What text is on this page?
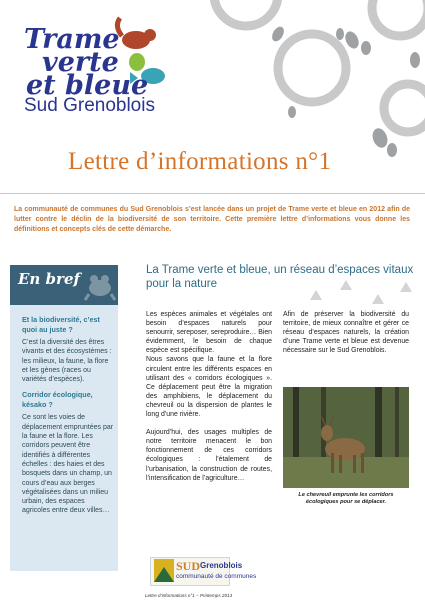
Trame
verte
et bleue
Sud Grenoblois
Lettre d’informations n°1
La communauté de communes du Sud Grenoblois s’est lancée dans un projet de Trame verte et bleue en 2012 afin de lutter contre le déclin de la biodiversité de son territoire. Cette première lettre d’informations vous donne les définitions et concepts clés de cette démarche.
En bref
Et la biodiversité, c’est quoi au juste ?
C’est la diversité des êtres vivants et des écosystèmes : les milieux, la faune, la flore et les gènes (races ou variétés d’espèces).
Corridor écologique, késako ?
Ce sont les voies de déplacement empruntées par la faune et la flore. Les corridors peuvent être identifiés à différentes échelles : des haies et des bosquets dans un champ, un cours d’eau aux berges végétalisées dans un milieu urbain, des espaces agricoles entre deux villes…
La Trame verte et bleue, un réseau d’espaces vitaux pour la nature

Les espèces animales et végétales ont besoin d’espaces naturels pour senourrir, sereposer, sereproduire… Bien évidemment, le besoin de chaque espèce est spécifique.

Nous savons que la faune et la flore circulent entre les différents espaces en utilisant des « corridors écologiques ». Ce déplacement peut être la migration des amphibiens, le déplacement du chevreuil ou la dispersion de plantes le long d’une rivière.

Aujourd’hui, des usages multiples de notre territoire menacent le bon fonctionnement de ces corridors écologiques : l’étalement de l’urbanisation, la construction de routes, l’intensification de l’agriculture…

Afin de préserver la biodiversité du territoire, de mieux connaître et gérer ce réseau d’espaces naturels, la création d’une Trame verte et bleue est devenue nécessaire sur le Sud Grenoblois.

Le chevreuil emprunte les corridors écologiques pour se déplacer.
SUD Grenoblois
communauté de communes
Lettre d’informations n°1 – Printemps 2013
